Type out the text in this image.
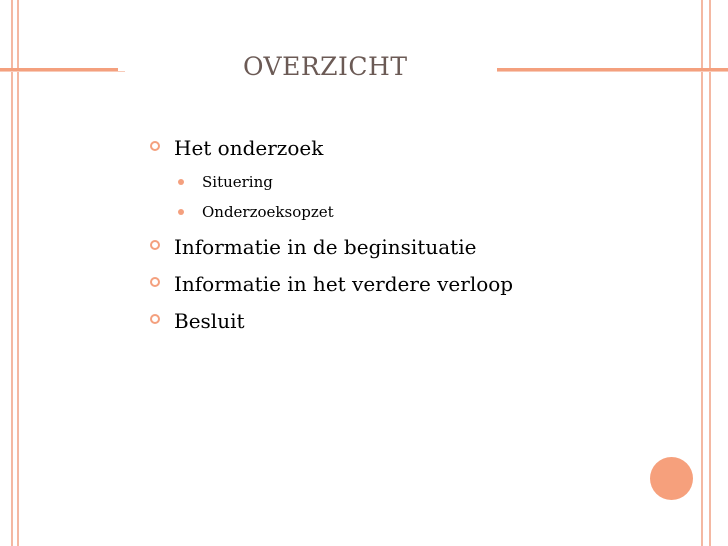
OVERZICHT
Het onderzoek
Situering
Onderzoeksopzet
Informatie in de beginsituatie
Informatie in het verdere verloop
Besluit
